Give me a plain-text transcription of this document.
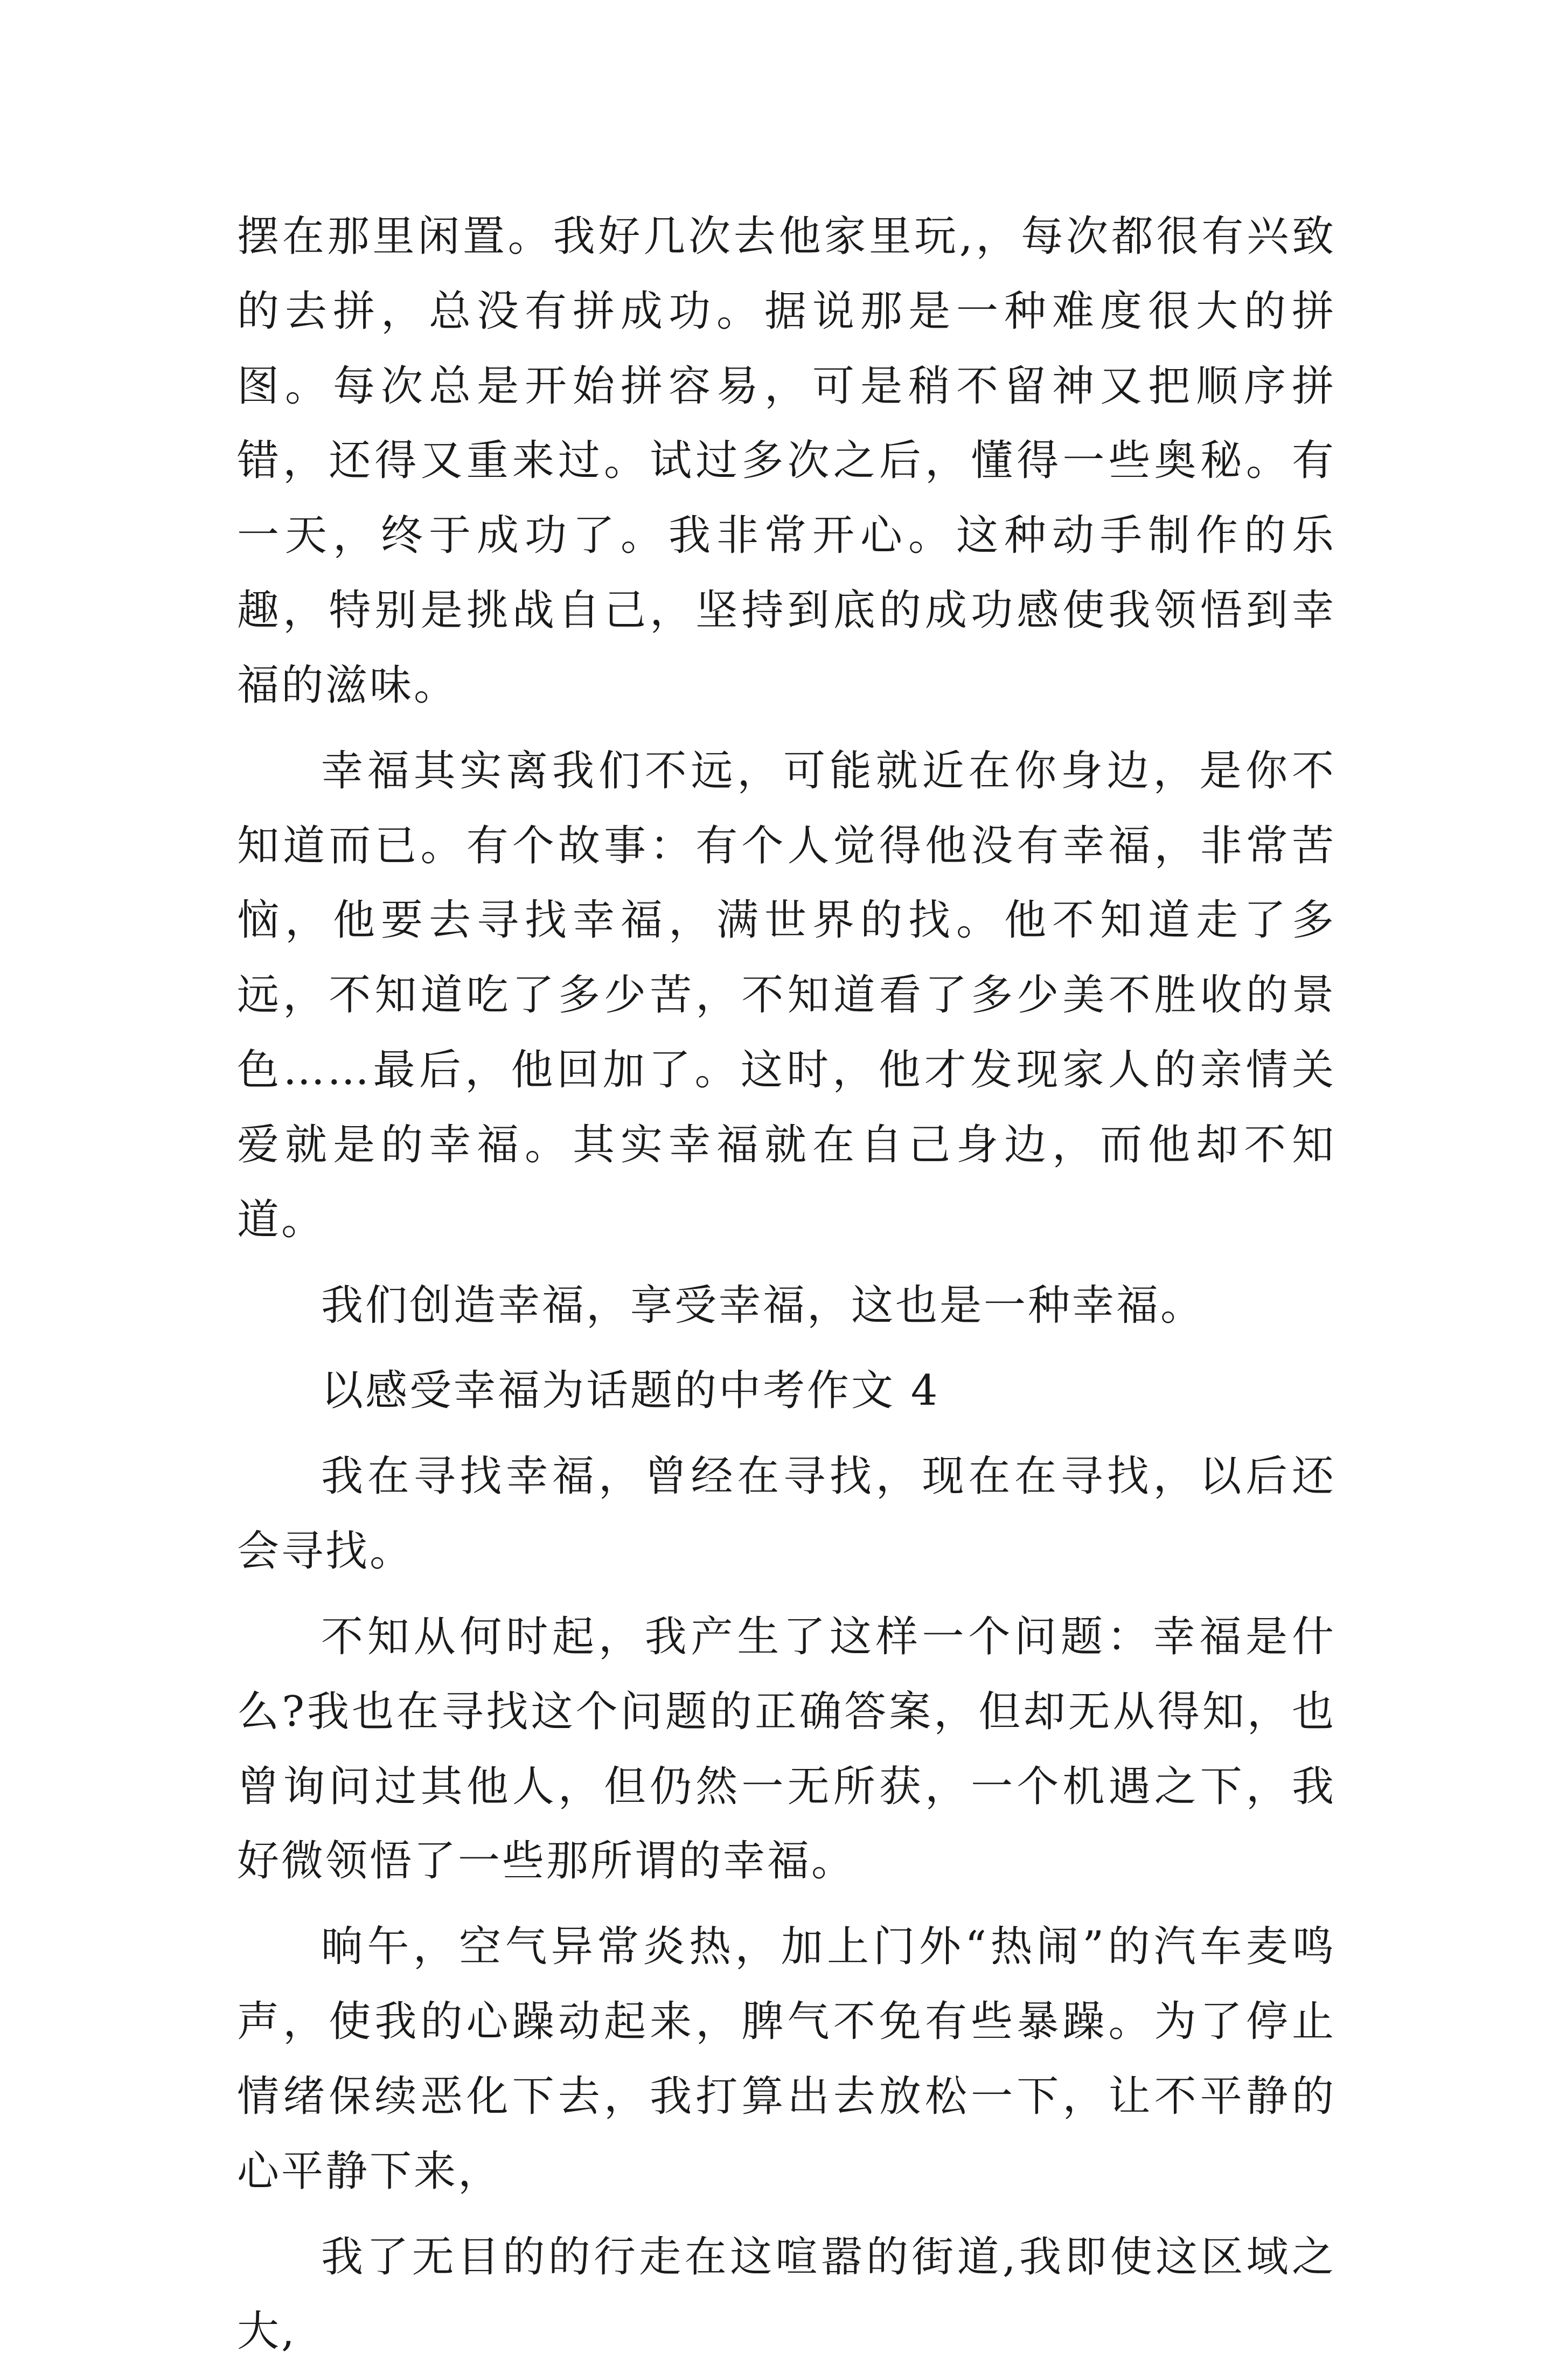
摆在那里闲置。我好几次去他家里玩,，每次都很有兴致的去拼，总没有拼成功。据说那是一种难度很大的拼图。每次总是开始拼容易，可是稍不留神又把顺序拼错，还得又重来过。试过多次之后，懂得一些奥秘。有一天，终于成功了。我非常开心。这种动手制作的乐趣，特别是挑战自己，坚持到底的成功感使我领悟到幸福的滋味。

幸福其实离我们不远，可能就近在你身边，是你不知道而已。有个故事：有个人觉得他没有幸福，非常苦恼，他要去寻找幸福，满世界的找。他不知道走了多远，不知道吃了多少苦，不知道看了多少美不胜收的景色……最后，他回加了。这时，他才发现家人的亲情关爱就是的幸福。其实幸福就在自己身边，而他却不知道。

我们创造幸福，享受幸福，这也是一种幸福。

以感受幸福为话题的中考作文 4

我在寻找幸福，曾经在寻找，现在在寻找，以后还会寻找。

不知从何时起，我产生了这样一个问题：幸福是什么?我也在寻找这个问题的正确答案，但却无从得知，也曾询问过其他人，但仍然一无所获，一个机遇之下，我好微领悟了一些那所谓的幸福。

晌午，空气异常炎热，加上门外“热闹”的汽车麦鸣声，使我的心躁动起来，脾气不免有些暴躁。为了停止情绪保续恶化下去，我打算出去放松一下，让不平静的心平静下来，

我了无目的的行走在这喧嚣的街道,我即使这区域之大,
